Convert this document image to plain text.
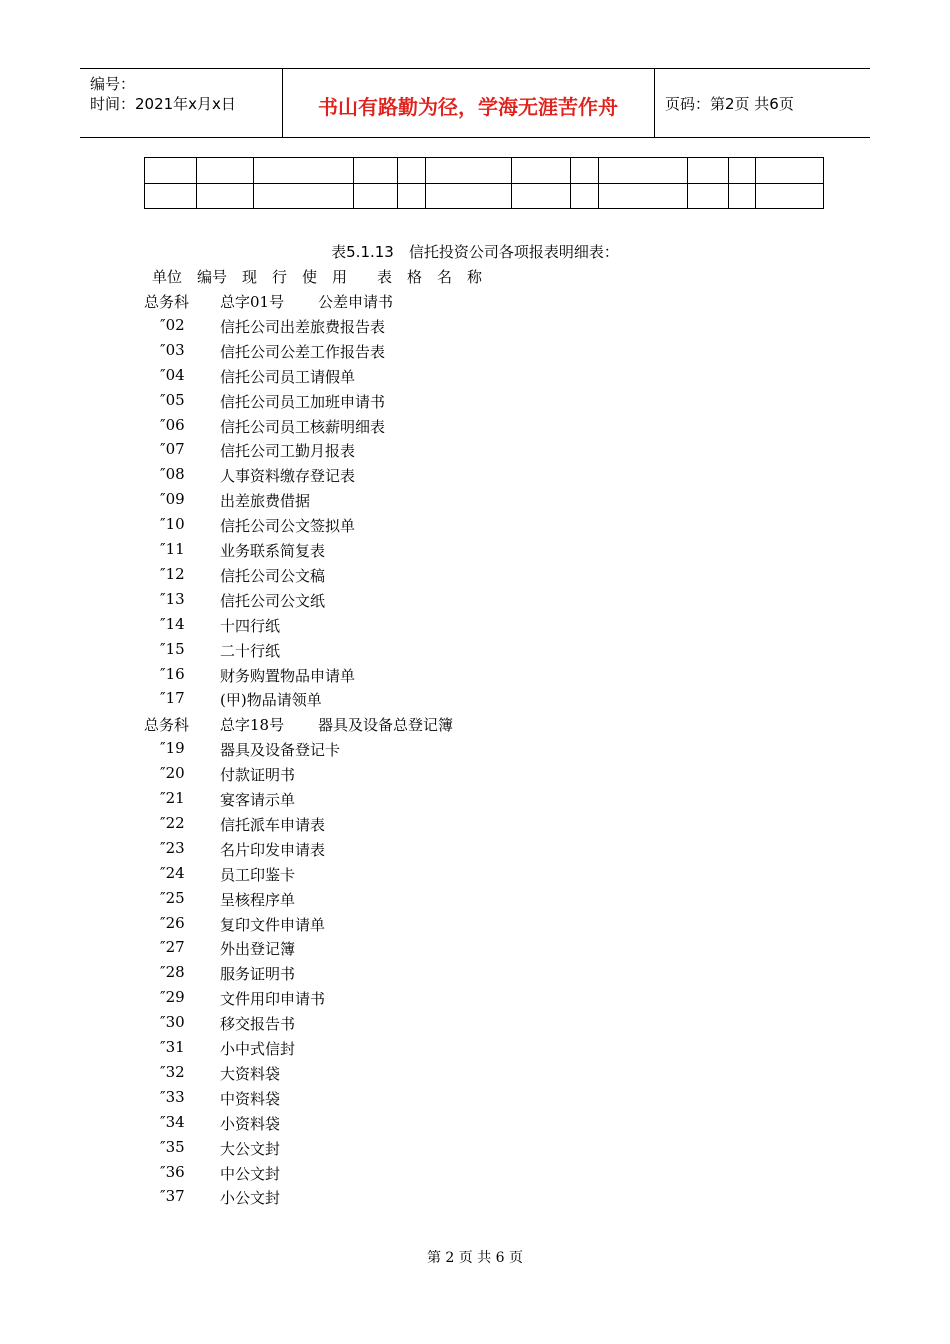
编号：
时间：2021年x月x日	书山有路勤为径，学海无涯苦作舟	页码：第2页 共6页
表5.1.13　信托投资公司各项报表明细表：
单位　编号　现　行　使　用　　表　格　名　称
总务科 总字01号 公差申请书
″02 信托公司出差旅费报告表
″03 信托公司公差工作报告表
″04 信托公司员工请假单
″05 信托公司员工加班申请书
″06 信托公司员工核薪明细表
″07 信托公司工勤月报表
″08 人事资料缴存登记表
″09 出差旅费借据
″10 信托公司公文签拟单
″11 业务联系简复表
″12 信托公司公文稿
″13 信托公司公文纸
″14 十四行纸
″15 二十行纸
″16 财务购置物品申请单
″17 (甲)物品请领单
总务科 总字18号 器具及设备总登记簿
″19 器具及设备登记卡
″20 付款证明书
″21 宴客请示单
″22 信托派车申请表
″23 名片印发申请表
″24 员工印鉴卡
″25 呈核程序单
″26 复印文件申请单
″27 外出登记簿
″28 服务证明书
″29 文件用印申请书
″30 移交报告书
″31 小中式信封
″32 大资料袋
″33 中资料袋
″34 小资料袋
″35 大公文封
″36 中公文封
″37 小公文封
第 2 页 共 6 页
